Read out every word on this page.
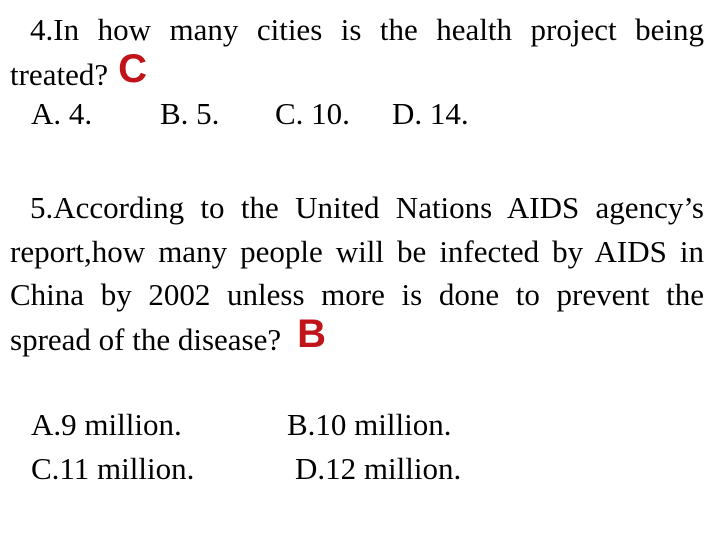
4.In how many cities is the health project being treated? C
A. 4. B. 5. C. 10. D. 14.
5.According to the United Nations AIDS agency’s report,how many people will be infected by AIDS in China by 2002 unless more is done to prevent the spread of the disease? B
A.9 million.	B.10 million.
C.11 million.	D.12 million.
